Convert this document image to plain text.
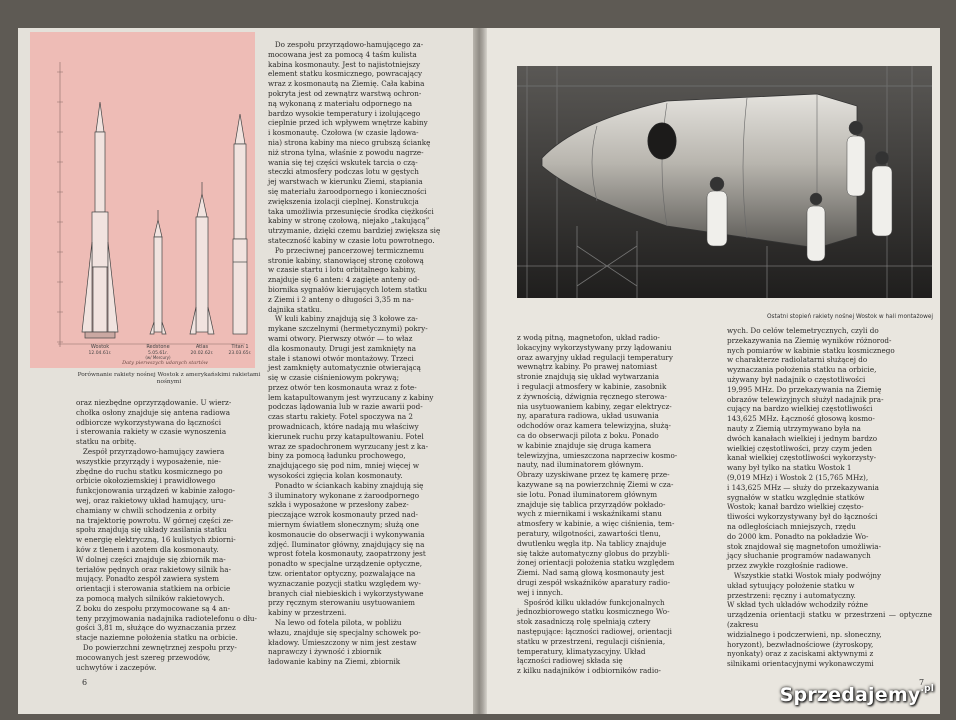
Wostok
12.04.61r.
Redstone
5.05.61r.
(w/ Mercury)
Atlas
20.02.62r.
Titan 1
23.03.65r.
Daty pierwszych udanych startów
Porównanie rakiety nośnej Wostok z amerykańskimi rakietami nośnymi
oraz niezbędne oprzyrządowanie. U wierz-
chołka osłony znajduje się antena radiowa
odbiorcze wykorzystywana do łączności
i sterowania rakiety w czasie wynoszenia
statku na orbitę.
Zespół przyrządowo-hamujący zawiera
wszystkie przyrządy i wyposażenie, nie-
zbędne do ruchu statku kosmicznego po
orbicie okołoziemskiej i prawidłowego
funkcjonowania urządzeń w kabinie załogo-
wej, oraz rakietowy układ hamujący, uru-
chamiany w chwili schodzenia z orbity
na trajektorię powrotu. W górnej części ze-
społu znajdują się układy zasilania statku
w energię elektryczną, 16 kulistych zbiorni-
ków z tlenem i azotem dla kosmonauty.
W dolnej części znajduje się zbiornik ma-
teriałów pędnych oraz rakietowy silnik ha-
mujący. Ponadto zespół zawiera system
orientacji i sterowania statkiem na orbicie
za pomocą małych silników rakietowych.
Z boku do zespołu przymocowane są 4 an-
teny przyjmowania nadajnika radiotelefonu o dłu-
gości 3,81 m, służące do wyznaczania przez
stacje naziemne położenia statku na orbicie.
Do powierzchni zewnętrznej zespołu przy-
mocowanych jest szereg przewodów,
uchwytów i zaczepów.
Do zespołu przyrządowo-hamującego za-
mocowana jest za pomocą 4 taśm kulista
kabina kosmonauty. Jest to najistotniejszy
element statku kosmicznego, powracający
wraz z kosmonautą na Ziemię. Cała kabina
pokryta jest od zewnątrz warstwą ochron-
ną wykonaną z materiału odpornego na
bardzo wysokie temperatury i izolującego
cieplnie przed ich wpływem wnętrze kabiny
i kosmonautę. Czołowa (w czasie lądowa-
nia) strona kabiny ma nieco grubszą ściankę
niż strona tylna, właśnie z powodu nagrze-
wania się tej części wskutek tarcia o czą-
steczki atmosfery podczas lotu w gęstych
jej warstwach w kierunku Ziemi, stapiania
się materiału żaroodpornego i konieczności
zwiększenia izolacji cieplnej. Konstrukcja
taka umożliwia przesunięcie środka ciężkości
kabiny w stronę czołową, niejako „takującą”
utrzymanie, dzięki czemu bardziej zwiększa się
stateczność kabiny w czasie lotu powrotnego.
Po przeciwnej pancerzowej termicznemu
stronie kabiny, stanowiącej stronę czołową
w czasie startu i lotu orbitalnego kabiny,
znajduje się 6 anten: 4 zagięte anteny od-
biornika sygnałów kierujących lotem statku
z Ziemi i 2 anteny o długości 3,35 m na-
dajnika statku.
W kuli kabiny znajdują się 3 kołowe za-
mykane szczelnymi (hermetycznymi) pokry-
wami otwory. Pierwszy otwór — to właz
dla kosmonauty. Drugi jest zamknięty na
stałe i stanowi otwór montażowy. Trzeci
jest zamknięty automatycznie otwierającą
się w czasie ciśnieniowym pokrywą;
przez otwór ten kosmonauta wraz z fote-
lem katapultowanym jest wyrzucany z kabiny
podczas lądowania lub w razie awarii pod-
czas startu rakiety. Fotel spoczywa na 2
prowadnicach, które nadają mu właściwy
kierunek ruchu przy katapultowaniu. Fotel
wraz ze spadochronem wyrzucany jest z ka-
biny za pomocą ładunku prochowego,
znajdującego się pod nim, mniej więcej w
wysokości zgięcia kolan kosmonauty.
Ponadto w ściankach kabiny znajdują się
3 iluminatory wykonane z żaroodpornego
szkła i wyposażone w przesłony zabez-
pieczające wzrok kosmonauty przed nad-
miernym światłem słonecznym; służą one
kosmonaucie do obserwacji i wykonywania
zdjęć. Iluminator główny, znajdujący się na
wprost fotela kosmonauty, zaopatrzony jest
ponadto w specjalne urządzenie optyczne,
tzw. orientator optyczny, pozwalające na
wyznaczanie pozycji statku względem wy-
branych ciał niebieskich i wykorzystywane
przy ręcznym sterowaniu usytuowaniem
kabiny w przestrzeni.
Na lewo od fotela pilota, w pobliżu
włazu, znajduje się specjalny schowek po-
kładowy. Umieszczony w nim jest zestaw
naprawczy i żywność i zbiornik
ładowanie kabiny na Ziemi, zbiornik
6
Ostatni stopień rakiety nośnej Wostok w hali montażowej
z wodą pitną, magnetofon, układ radio-
lokacyjny wykorzystywany przy lądowaniu
oraz awaryjny układ regulacji temperatury
wewnątrz kabiny. Po prawej natomiast
stronie znajdują się układ wytwarzania
i regulacji atmosfery w kabinie, zasobnik
z żywnością, dźwignia ręcznego sterowa-
nia usytuowaniem kabiny, zegar elektrycz-
ny, aparatura radiowa, układ usuwania
odchodów oraz kamera telewizyjna, służą-
ca do obserwacji pilota z boku. Ponado
w kabinie znajduje się druga kamera
telewizyjna, umieszczona naprzeciw kosmo-
nauty, nad iluminatorem głównym.
Obrazy uzyskiwane przez tę kamerę prze-
kazywane są na powierzchnię Ziemi w cza-
sie lotu. Ponad iluminatorem głównym
znajduje się tablica przyrządów pokłado-
wych z miernikami i wskaźnikami stanu
atmosfery w kabinie, a więc ciśnienia, tem-
peratury, wilgotności, zawartości tlenu,
dwutlenku węgla itp. Na tablicy znajduje
się także automatyczny globus do przybli-
żonej orientacji położenia statku względem
Ziemi. Nad samą głową kosmonauty jest
drugi zespół wskaźników aparatury radio-
wej i innych.
Spośród kilku układów funkcjonalnych
jednozbiorowego statku kosmicznego Wo-
stok zasadniczą rolę spełniają cztery
następujące: łączności radiowej, orientacji
statku w przestrzeni, regulacji ciśnienia,
temperatury, klimatyzacyjny. Układ
łączności radiowej składa się
z kilku nadajników i odbiorników radio-
wych. Do celów telemetrycznych, czyli do
przekazywania na Ziemię wyników różnorod-
nych pomiarów w kabinie statku kosmicznego
w charakterze radiolatarni służącej do
wyznaczania położenia statku na orbicie,
używany był nadajnik o częstotliwości
19,995 MHz. Do przekazywania na Ziemię
obrazów telewizyjnych służył nadajnik pra-
cujący na bardzo wielkiej częstotliwości
143,625 MHz. Łączność głosową kosmo-
nauty z Ziemią utrzymywano była na
dwóch kanałach wielkiej i jednym bardzo
wielkiej częstotliwości, przy czym jeden
kanał wielkiej częstotliwości wykorzysty-
wany był tylko na statku Wostok 1
(9,019 MHz) i Wostok 2 (15,765 MHz),
i 143,625 MHz — służy do przekazywania
sygnałów w statku względnie statków
Wostok; kanał bardzo wielkiej często-
tliwości wykorzystywany był do łączności
na odległościach mniejszych, rzędu
do 2000 km. Ponadto na pokładzie Wo-
stok znajdował się magnetofon umożliwia-
jący słuchanie programów nadawanych
przez zwykłe rozgłośnie radiowe.
Wszystkie statki Wostok miały podwójny
układ sytuujący położenie statku w
przestrzeni: ręczny i automatyczny.
W skład tych układów wchodziły różne
urządzenia orientacji statku w przestrzeni — optyczne (zakresu
widzialnego i podczerwieni, np. słoneczny,
horyzont), bezwładnościowe (żyroskopy,
nyonkaty) oraz z zaciskami aktywnymi z
silnikami orientacyjnymi wykonawczymi
7
Sprzedajemy$^{.pl}$
